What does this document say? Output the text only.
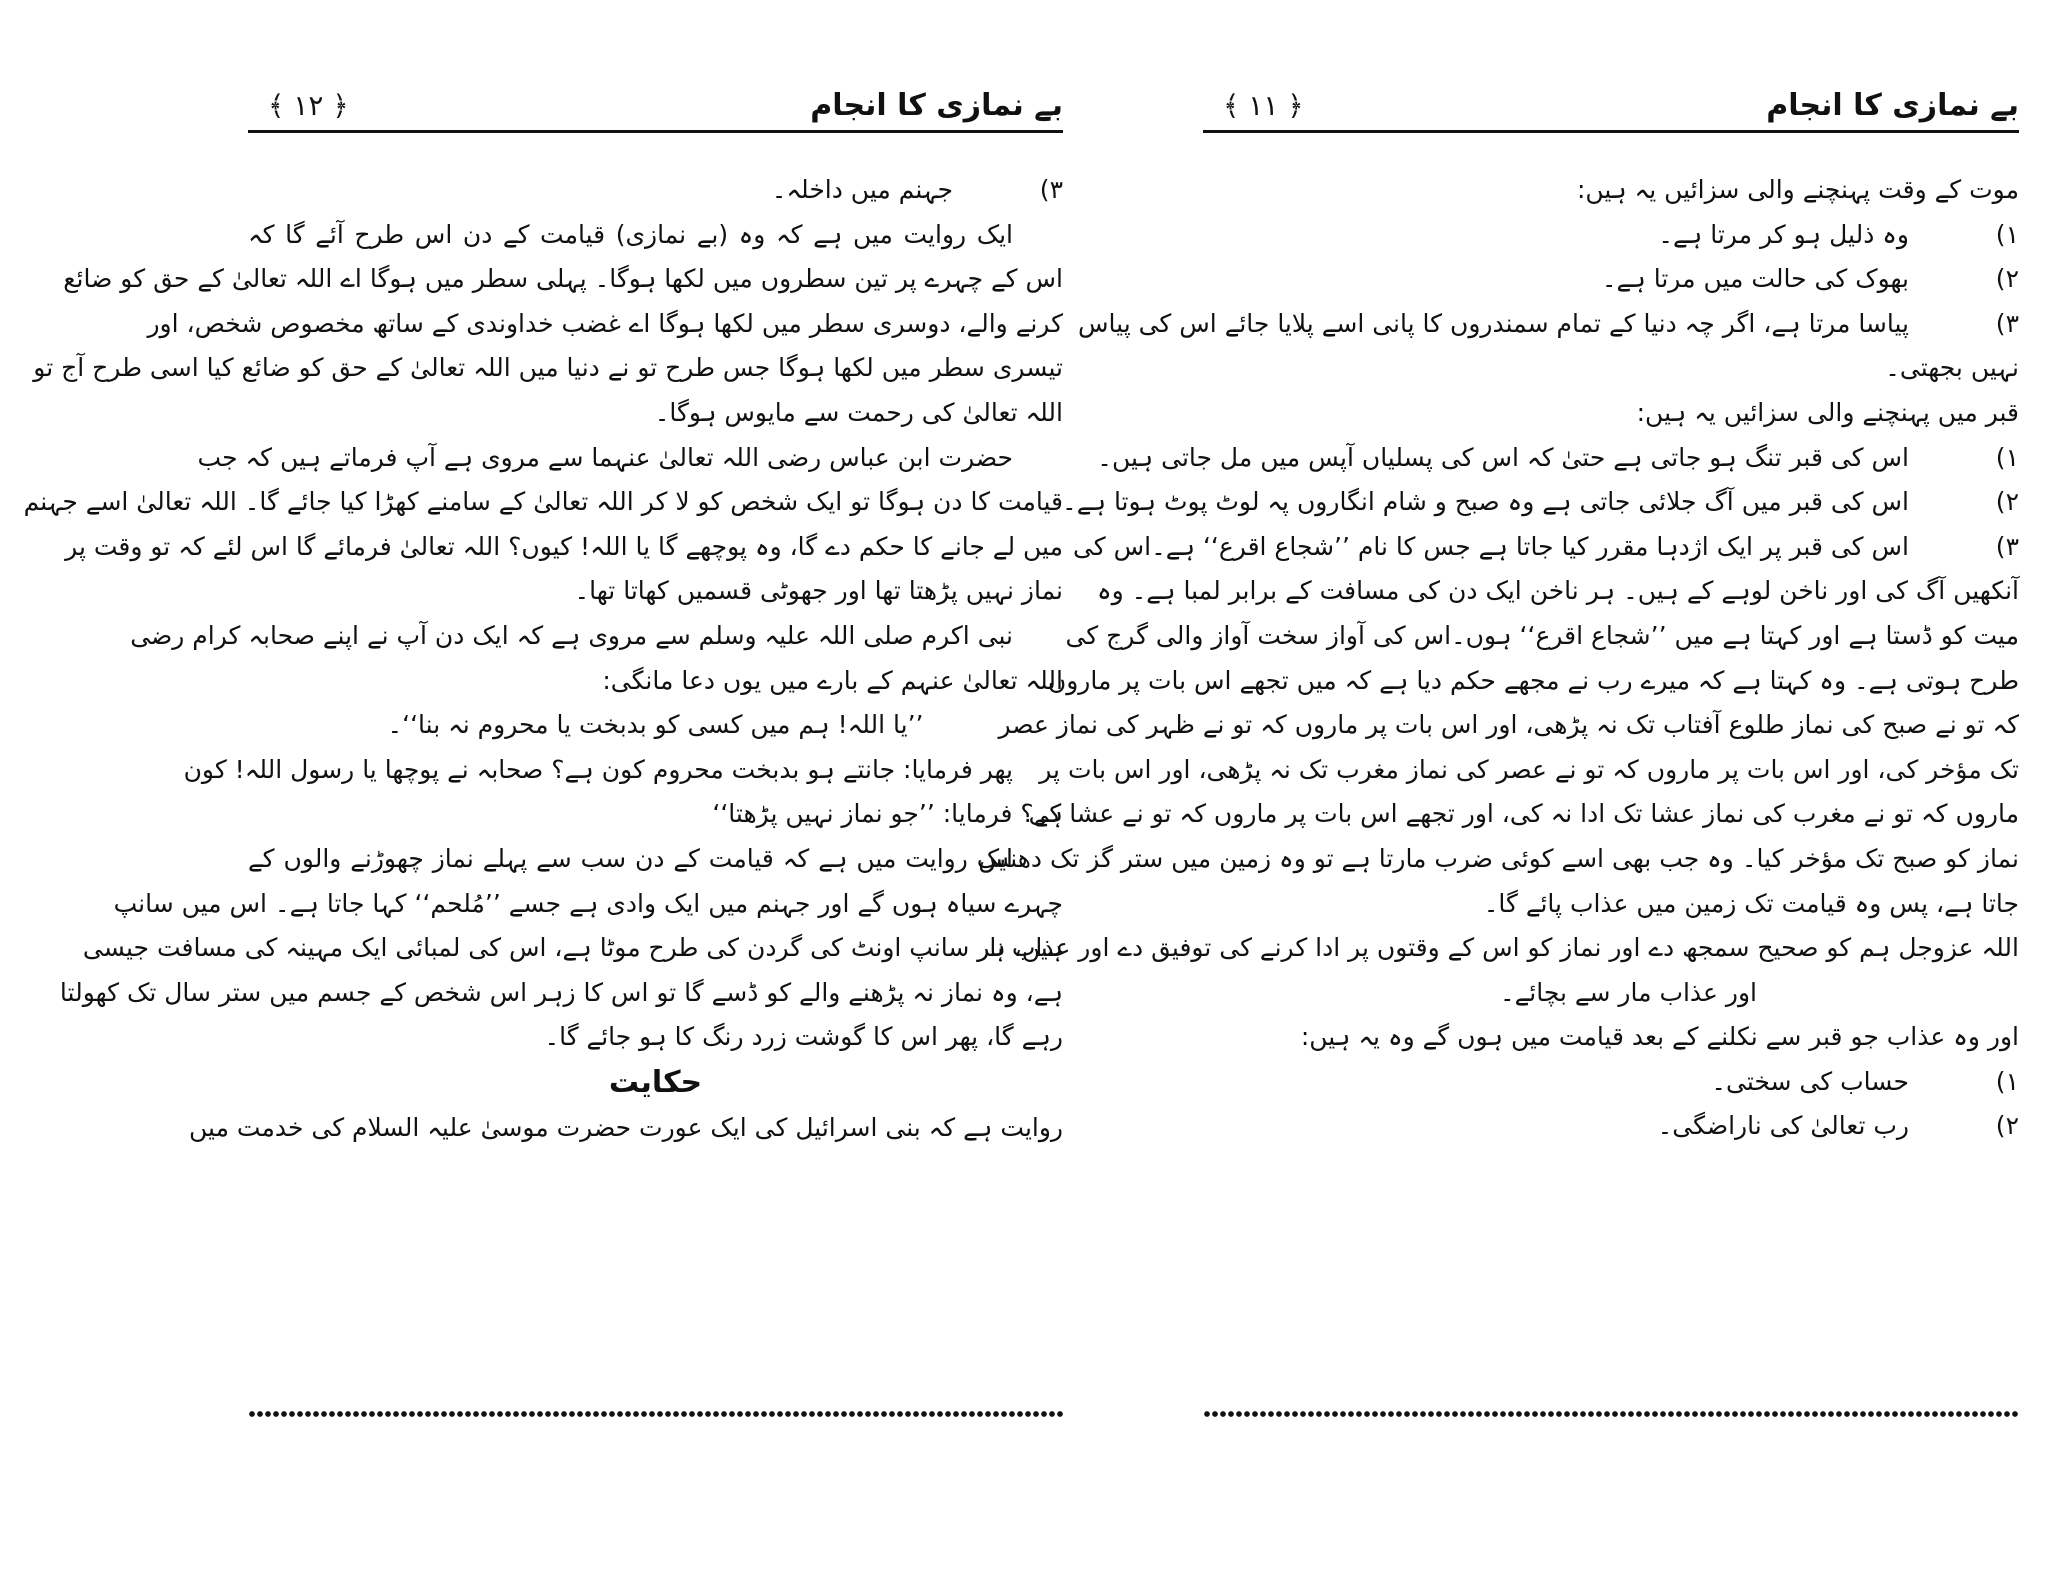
بے نمازی کا انجام
﴾ ۱۱ ﴿
موت کے وقت پہنچنے والی سزائیں یہ ہیں:
۱)
وہ ذلیل ہو کر مرتا ہے۔
۲)
بھوک کی حالت میں مرتا ہے۔
۳)
پیاسا مرتا ہے، اگر چہ دنیا کے تمام سمندروں کا پانی اسے پلایا جائے اس کی پیاس
نہیں بجھتی۔
قبر میں پہنچنے والی سزائیں یہ ہیں:
۱)
اس کی قبر تنگ ہو جاتی ہے حتیٰ کہ اس کی پسلیاں آپس میں مل جاتی ہیں۔
۲)
اس کی قبر میں آگ جلائی جاتی ہے وہ صبح و شام انگاروں پہ لوٹ پوٹ ہوتا ہے۔
۳)
اس کی قبر پر ایک اژدہا مقرر کیا جاتا ہے جس کا نام ’’شجاع اقرع‘‘ ہے۔اس کی
آنکھیں آگ کی اور ناخن لوہے کے ہیں۔ ہر ناخن ایک دن کی مسافت کے برابر لمبا ہے۔ وہ
میت کو ڈستا ہے اور کہتا ہے میں ’’شجاع اقرع‘‘ ہوں۔اس کی آواز سخت آواز والی گرج کی
طرح ہوتی ہے۔ وہ کہتا ہے کہ میرے رب نے مجھے حکم دیا ہے کہ میں تجھے اس بات پر ماروں
کہ تو نے صبح کی نماز طلوع آفتاب تک نہ پڑھی، اور اس بات پر ماروں کہ تو نے ظہر کی نماز عصر
تک مؤخر کی، اور اس بات پر ماروں کہ تو نے عصر کی نماز مغرب تک نہ پڑھی، اور اس بات پر
ماروں کہ تو نے مغرب کی نماز عشا تک ادا نہ کی، اور تجھے اس بات پر ماروں کہ تو نے عشا کی
نماز کو صبح تک مؤخر کیا۔ وہ جب بھی اسے کوئی ضرب مارتا ہے تو وہ زمین میں ستر گز تک دھنس
جاتا ہے، پس وہ قیامت تک زمین میں عذاب پائے گا۔
اللہ عزوجل ہم کو صحیح سمجھ دے اور نماز کو اس کے وقتوں پر ادا کرنے کی توفیق دے اور عذاب نار
اور عذاب مار سے بچائے۔
اور وہ عذاب جو قبر سے نکلنے کے بعد قیامت میں ہوں گے وہ یہ ہیں:
۱)
حساب کی سختی۔
۲)
رب تعالیٰ کی ناراضگی۔
بے نمازی کا انجام
﴾ ۱۲ ﴿
۳)
جہنم میں داخلہ۔
ایک روایت میں ہے کہ وہ (بے نمازی) قیامت کے دن اس طرح آئے گا کہ
اس کے چہرے پر تین سطروں میں لکھا ہوگا۔ پہلی سطر میں ہوگا اے اللہ تعالیٰ کے حق کو ضائع
کرنے والے، دوسری سطر میں لکھا ہوگا اے غضب خداوندی کے ساتھ مخصوص شخص، اور
تیسری سطر میں لکھا ہوگا جس طرح تو نے دنیا میں اللہ تعالیٰ کے حق کو ضائع کیا اسی طرح آج تو
اللہ تعالیٰ کی رحمت سے مایوس ہوگا۔
حضرت ابن عباس رضی اللہ تعالیٰ عنہما سے مروی ہے آپ فرماتے ہیں کہ جب
قیامت کا دن ہوگا تو ایک شخص کو لا کر اللہ تعالیٰ کے سامنے کھڑا کیا جائے گا۔ اللہ تعالیٰ اسے جہنم
میں لے جانے کا حکم دے گا، وہ پوچھے گا یا اللہ! کیوں؟ اللہ تعالیٰ فرمائے گا اس لئے کہ تو وقت پر
نماز نہیں پڑھتا تھا اور جھوٹی قسمیں کھاتا تھا۔
نبی اکرم صلی اللہ علیہ وسلم سے مروی ہے کہ ایک دن آپ نے اپنے صحابہ کرام رضی
اللہ تعالیٰ عنہم کے بارے میں یوں دعا مانگی:
’’یا اللہ! ہم میں کسی کو بدبخت یا محروم نہ بنا‘‘۔
پھر فرمایا: جانتے ہو بدبخت محروم کون ہے؟ صحابہ نے پوچھا یا رسول اللہ! کون
ہے؟ فرمایا: ’’جو نماز نہیں پڑھتا‘‘
ایک روایت میں ہے کہ قیامت کے دن سب سے پہلے نماز چھوڑنے والوں کے
چہرے سیاہ ہوں گے اور جہنم میں ایک وادی ہے جسے ’’مُلحم‘‘ کہا جاتا ہے۔ اس میں سانپ
ہیں، ہر سانپ اونٹ کی گردن کی طرح موٹا ہے، اس کی لمبائی ایک مہینہ کی مسافت جیسی
ہے، وہ نماز نہ پڑھنے والے کو ڈسے گا تو اس کا زہر اس شخص کے جسم میں ستر سال تک کھولتا
رہے گا، پھر اس کا گوشت زرد رنگ کا ہو جائے گا۔
حکایت
روایت ہے کہ بنی اسرائیل کی ایک عورت حضرت موسیٰ علیہ السلام کی خدمت میں
